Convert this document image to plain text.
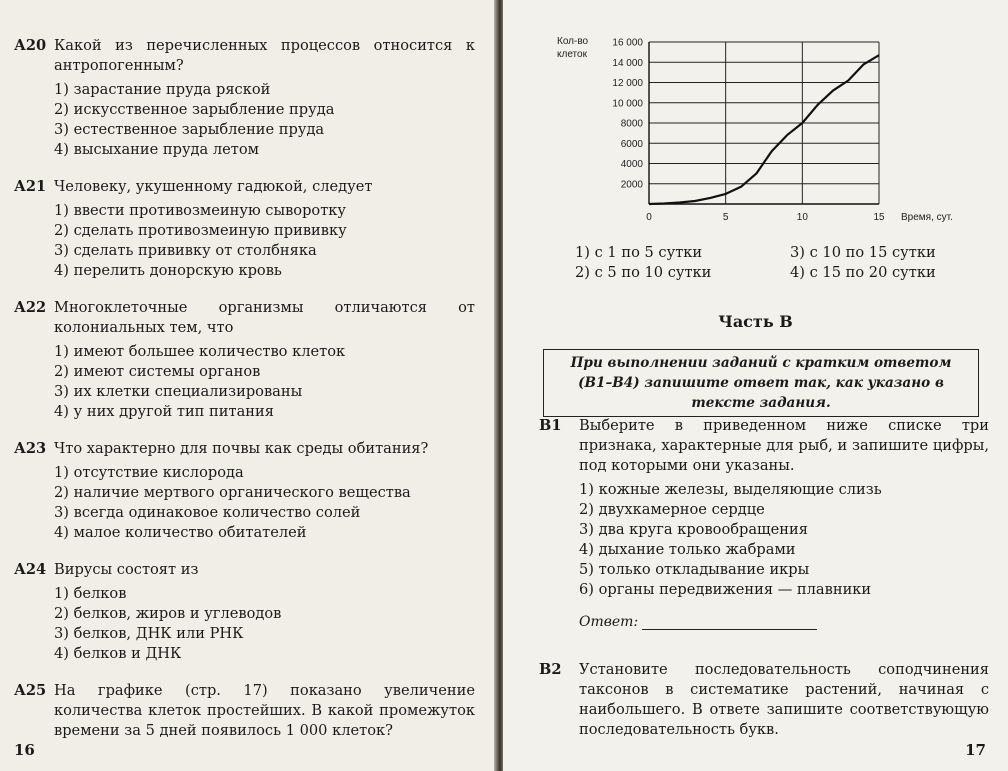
А20 Какой из перечисленных процессов относится к антропогенным?
1) зарастание пруда ряской
2) искусственное зарыбление пруда
3) естественное зарыбление пруда
4) высыхание пруда летом
А21 Человеку, укушенному гадюкой, следует
1) ввести противозмеиную сыворотку
2) сделать противозмеиную прививку
3) сделать прививку от столбняка
4) перелить донорскую кровь
А22 Многоклеточные организмы отличаются от колониальных тем, что
1) имеют большее количество клеток
2) имеют системы органов
3) их клетки специализированы
4) у них другой тип питания
А23 Что характерно для почвы как среды обитания?
1) отсутствие кислорода
2) наличие мертвого органического вещества
3) всегда одинаковое количество солей
4) малое количество обитателей
А24 Вирусы состоят из
1) белков
2) белков, жиров и углеводов
3) белков, ДНК или РНК
4) белков и ДНК
А25 На графике (стр. 17) показано увеличение количества клеток простейших. В какой промежуток времени за 5 дней появилось 1 000 клеток?
16
2000
4000
6000
8000
10 000
12 000
14 000
16 000
0	5	10	15
Кол-во
клеток
Время, сут.
1) с 1 по 5 сутки	3) с 10 по 15 сутки
2) с 5 по 10 сутки	4) с 15 по 20 сутки
Часть В
При выполнении заданий с кратким ответом (В1–В4) запишите ответ так, как указано в тексте задания.
В1	Выберите в приведенном ниже списке три признака, характерные для рыб, и запишите цифры, под которыми они указаны.
1) кожные железы, выделяющие слизь
2) двухкамерное сердце
3) два круга кровообращения
4) дыхание только жабрами
5) только откладывание икры
6) органы передвижения — плавники
Ответ:
В2	Установите последовательность соподчинения таксонов в систематике растений, начиная с наибольшего. В ответе запишите соответствующую последовательность букв.
17
